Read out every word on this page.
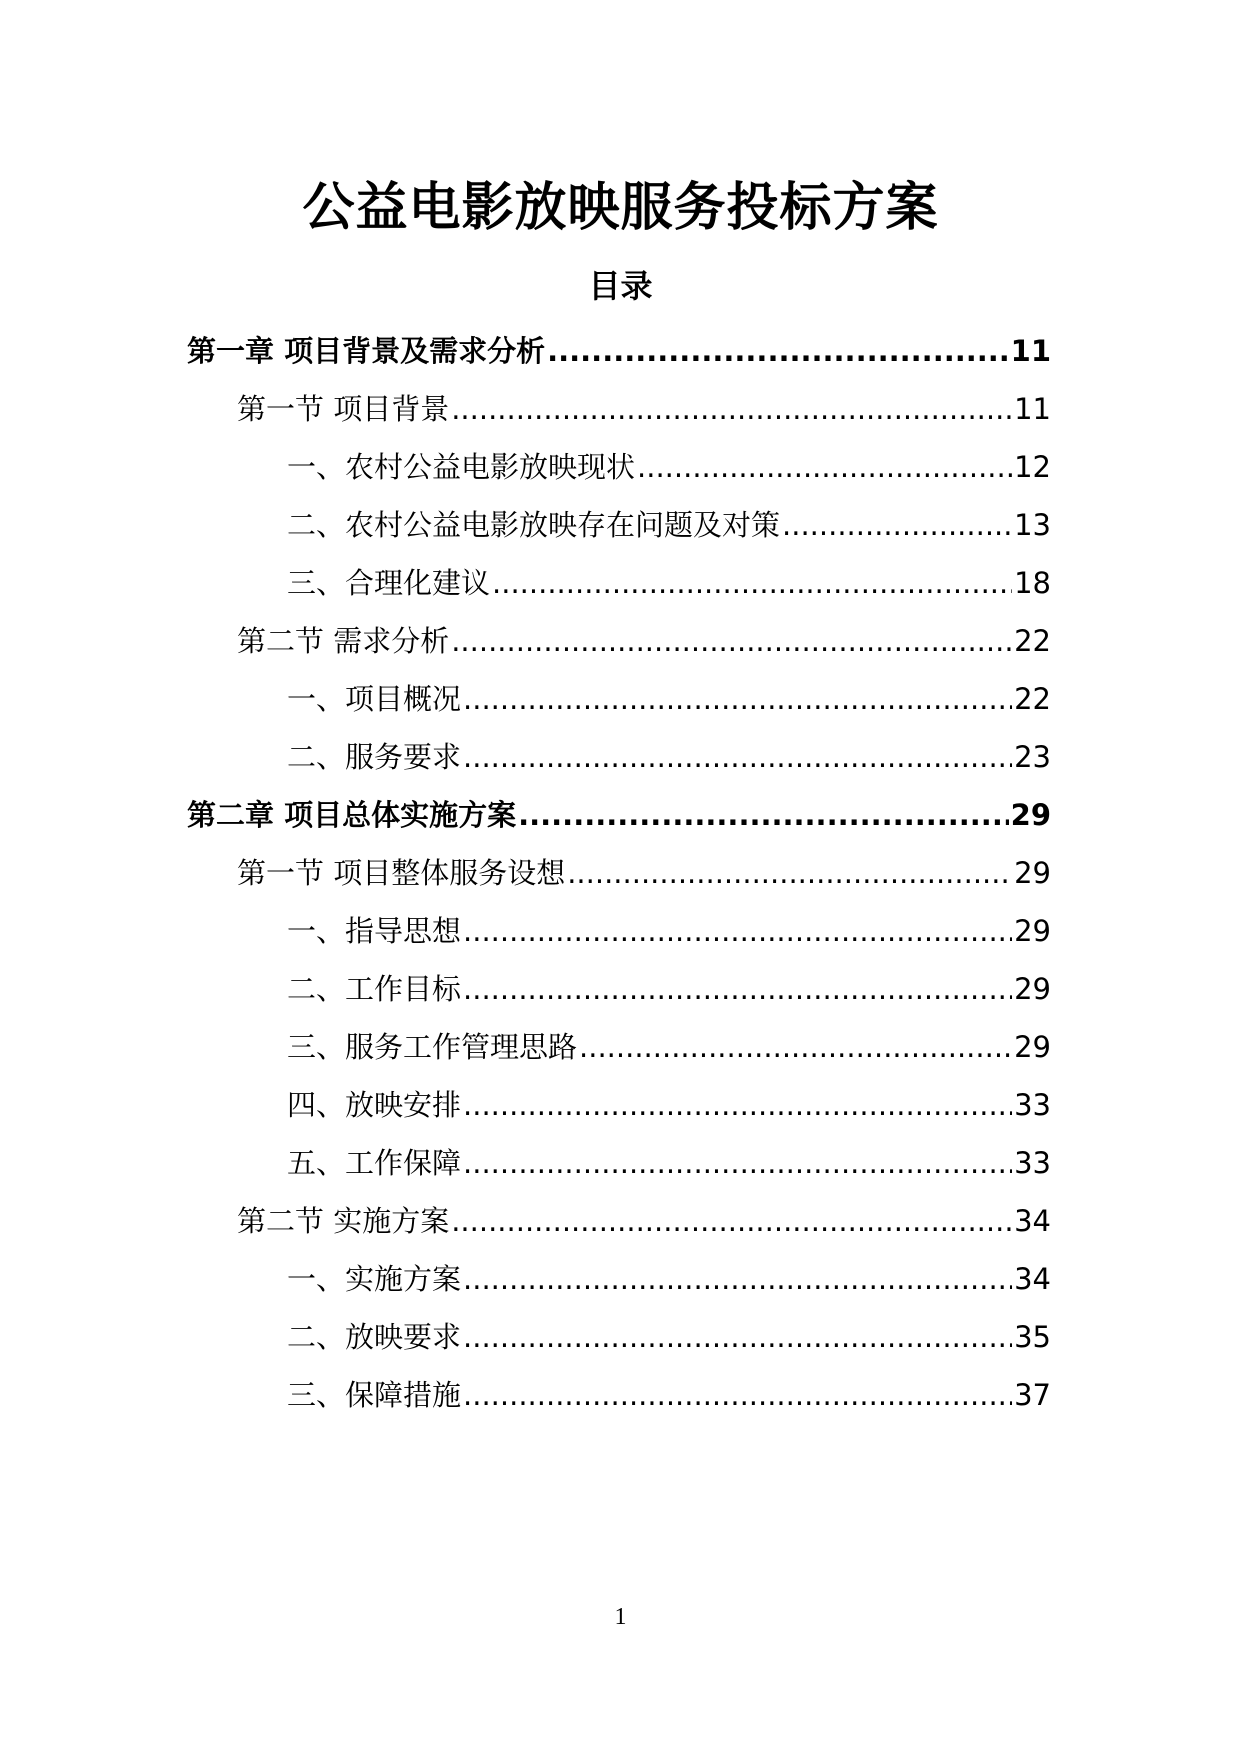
公益电影放映服务投标方案
目录
第一章 项目背景及需求分析 .....	11
第一节 项目背景 .....	11
一、农村公益电影放映现状 .....	12
二、农村公益电影放映存在问题及对策 .....	13
三、合理化建议 .....	18
第二节 需求分析 .....	22
一、项目概况 .....	22
二、服务要求 .....	23
第二章 项目总体实施方案 .....	29
第一节 项目整体服务设想 .....	29
一、指导思想 .....	29
二、工作目标 .....	29
三、服务工作管理思路 .....	29
四、放映安排 .....	33
五、工作保障 .....	33
第二节 实施方案 .....	34
一、实施方案 .....	34
二、放映要求 .....	35
三、保障措施 .....	37
1
